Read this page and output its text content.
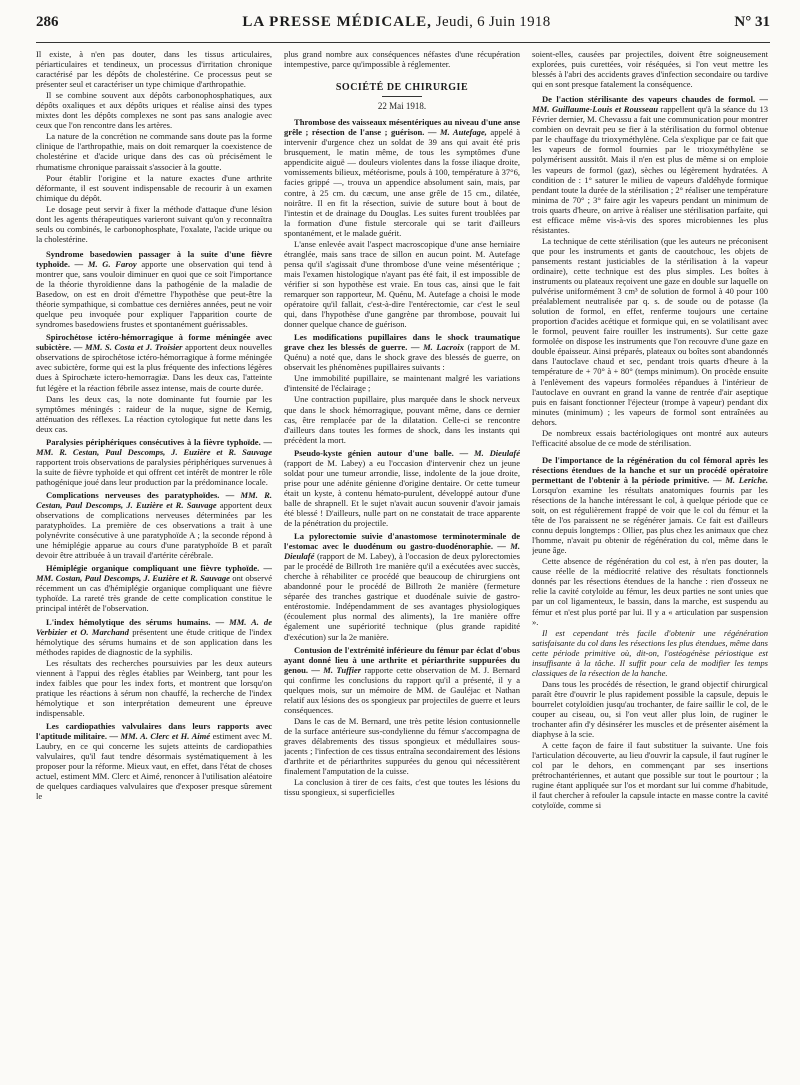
286	LA PRESSE MÉDICALE, Jeudi, 6 Juin 1918	N° 31

Il existe, à n'en pas douter, dans les tissus articulaires, périarticulaires et tendineux, un processus d'irritation chronique caractérisé par les dépôts de cholestérine. Ce processus peut se présenter seul et caractériser un type chimique d'arthropathie.

Il se combine souvent aux dépôts carbonophosphatiques, aux dépôts oxaliques et aux dépôts uriques et réalise ainsi des types mixtes dont les dépôts complexes ne sont pas sans analogie avec ceux que l'on rencontre dans les artères.

La nature de la concrétion ne commande sans doute pas la forme clinique de l'arthropathie, mais on doit remarquer la coexistence de cholestérine et d'acide urique dans des cas où précisément le rhumatisme chronique paraissait s'associer à la goutte.

Pour établir l'origine et la nature exactes d'une arthrite déformante, il est souvent indispensable de recourir à un examen chimique du dépôt.

Le dosage peut servir à fixer la méthode d'attaque d'une lésion dont les agents thérapeutiques varieront suivant qu'on y reconnaîtra seuls ou combinés, le carbonophosphate, l'oxalate, l'acide urique ou la cholestérine.

Syndrome basedowien passager à la suite d'une fièvre typhoïde. — M. G. Faroy apporte une observation qui tend à montrer que, sans vouloir diminuer en quoi que ce soit l'importance de la théorie thyroïdienne dans la pathogénie de la maladie de Basedow, on est en droit d'émettre l'hypothèse que peut-être la théorie sympathique, si combattue ces dernières années, peut ne voir quelque peu invoquée pour expliquer l'apparition courte de syndromes basedowiens frustes et spontanément guérissables.

Spirochétose ictéro-hémorragique à forme méningée avec subictère. — MM. S. Costa et J. Troisier apportent deux nouvelles observations de spirochétose ictéro-hémorragique à forme méningée avec subictère, forme qui est la plus fréquente des infections légères dues à Spirochæte ictero-hemorragiæ. Dans les deux cas, l'atteinte fut légère et la réaction fébrile assez intense, mais de courte durée.

Dans les deux cas, la note dominante fut fournie par les symptômes méningés : raideur de la nuque, signe de Kernig, atténuation des réflexes. La réaction cytologique fut nette dans les deux cas.

Paralysies périphériques consécutives à la fièvre typhoïde. — MM. R. Cestan, Paul Descomps, J. Euzière et R. Sauvage rapportent trois observations de paralysies périphériques survenues à la suite de fièvre typhoïde et qui offrent cet intérêt de montrer le rôle pathogénique joué dans leur production par la prédominance locale.

Complications nerveuses des paratyphoïdes. — MM. R. Cestan, Paul Descomps, J. Euzière et R. Sauvage apportent deux observations de complications nerveuses déterminées par les paratyphoïdes. La première de ces observations a trait à une polynévrite consécutive à une paratyphoïde A ; la seconde répond à une hémiplégie apparue au cours d'une paratyphoïde B et paraît devoir être attribuée à un travail d'artérite cérébrale.

Hémiplégie organique compliquant une fièvre typhoïde. — MM. Costan, Paul Descomps, J. Euzière et R. Sauvage ont observé récemment un cas d'hémiplégie organique compliquant une fièvre typhoïde. La rareté très grande de cette complication constitue le principal intérêt de l'observation.

L'index hémolytique des sérums humains. — MM. A. de Verbizier et O. Marchand présentent une étude critique de l'index hémolytique des sérums humains et de son application dans les méthodes rapides de diagnostic de la syphilis.

Les résultats des recherches poursuivies par les deux auteurs viennent à l'appui des règles établies par Weinberg, tant pour les index faibles que pour les index forts, et montrent que lorsqu'on pratique les réactions à sérum non chauffé, la recherche de l'index hémolytique et son interprétation demeurent une épreuve indispensable.

Les cardiopathies valvulaires dans leurs rapports avec l'aptitude militaire. — MM. A. Clerc et H. Aimé estiment avec M. Laubry, en ce qui concerne les sujets atteints de cardiopathies valvulaires, qu'il faut tendre désormais systématiquement à les proposer pour la réforme. Mieux vaut, en effet, dans l'état de choses actuel, estiment MM. Clerc et Aimé, renoncer à l'utilisation aléatoire de quelques cardiaques valvulaires que d'exposer presque sûrement le

plus grand nombre aux conséquences néfastes d'une récupération intempestive, parce qu'impossible à réglementer.

SOCIÉTÉ DE CHIRURGIE
22 Mai 1918.

Thrombose des vaisseaux mésentériques au niveau d'une anse grêle ; résection de l'anse ; guérison. — M. Autefage, appelé à intervenir d'urgence chez un soldat de 39 ans qui avait été pris brusquement, le matin même, de tous les symptômes d'une appendicite aiguë — douleurs violentes dans la fosse iliaque droite, vomissements bilieux, météorisme, pouls à 100, température à 37°6, facies grippé —, trouva un appendice absolument sain, mais, par contre, à 25 cm. du cæcum, une anse grêle de 15 cm., dilatée, noirâtre. Il en fit la résection, suivie de suture bout à bout de l'intestin et de drainage du Douglas. Les suites furent troublées par la formation d'une fistule stercorale qui se tarit d'ailleurs spontanément, et le malade guérit.

L'anse enlevée avait l'aspect macroscopique d'une anse herniaire étranglée, mais sans trace de sillon en aucun point. M. Autefage pensa qu'il s'agissait d'une thrombose d'une veine mésentérique ; mais l'examen histologique n'ayant pas été fait, il est impossible de vérifier si son hypothèse est vraie. En tous cas, ainsi que le fait remarquer son rapporteur, M. Quénu, M. Autefage a choisi le mode opératoire qu'il fallait, c'est-à-dire l'entérectomie, car c'est le seul qui, dans l'hypothèse d'une gangrène par thrombose, pouvait lui donner quelque chance de guérison.

Les modifications pupillaires dans le shock traumatique grave chez les blessés de guerre. — M. Lacroix (rapport de M. Quénu) a noté que, dans le shock grave des blessés de guerre, on observait les phénomènes pupillaires suivants :

Une immobilité pupillaire, se maintenant malgré les variations d'intensité de l'éclairage ;

Une contraction pupillaire, plus marquée dans le shock nerveux que dans le shock hémorragique, pouvant même, dans ce dernier cas, être remplacée par de la dilatation. Celle-ci se rencontre d'ailleurs dans toutes les formes de shock, dans les instants qui précèdent la mort.

Pseudo-kyste génien autour d'une balle. — M. Dieulafé (rapport de M. Labey) a eu l'occasion d'intervenir chez un jeune soldat pour une tumeur arrondie, lisse, indolente de la joue droite, prise pour une adénite génienne d'origine dentaire. Or cette tumeur était un kyste, à contenu hémato-purulent, développé autour d'une balle de shrapnell. Et le sujet n'avait aucun souvenir d'avoir jamais été blessé ! D'ailleurs, nulle part on ne constatait de trace apparente de la pénétration du projectile.

La pylorectomie suivie d'anastomose terminoterminale de l'estomac avec le duodénum ou gastro-duodénoraphie. — M. Dieulafé (rapport de M. Labey), à l'occasion de deux pylorectomies par le procédé de Billroth 1re manière qu'il a exécutées avec succès, cherche à réhabiliter ce procédé que beaucoup de chirurgiens ont abandonné pour le procédé de Billroth 2e manière (fermeture séparée des tranches gastrique et duodénale suivie de gastro-entérostomie. Indépendamment de ses avantages physiologiques (écoulement plus normal des aliments), la 1re manière offre également une supériorité technique (plus grande rapidité d'exécution) sur la 2e manière.

Contusion de l'extrémité inférieure du fémur par éclat d'obus ayant donné lieu à une arthrite et périarthrite suppurées du genou. — M. Tuffier rapporte cette observation de M. J. Bernard qui confirme les conclusions du rapport qu'il a présenté, il y a quelques mois, sur un mémoire de MM. de Gauléjac et Nathan relatif aux lésions des os spongieux par projectiles de guerre et leurs conséquences.

Dans le cas de M. Bernard, une très petite lésion contusionnelle de la surface antérieure sus-condylienne du fémur s'accompagna de graves délabrements des tissus spongieux et médullaires sous-jacents ; l'infection de ces tissus entraîna secondairement des lésions d'arthrite et de périarthrites suppurées du genou qui nécessitèrent finalement l'amputation de la cuisse.

La conclusion à tirer de ces faits, c'est que toutes les lésions du tissu spongieux, si superficielles

soient-elles, causées par projectiles, doivent être soigneusement explorées, puis curettées, voir réséquées, si l'on veut mettre les blessés à l'abri des accidents graves d'infection secondaire ou tardive qui en sont presque fatalement la conséquence.

De l'action stérilisante des vapeurs chaudes de formol. — MM. Guillaume-Louis et Rousseau rappellent qu'à la séance du 13 Février dernier, M. Chevassu a fait une communication pour montrer combien on devrait peu se fier à la stérilisation du formol obtenue par le chauffage du trioxyméthylène. Cela s'explique par ce fait que les vapeurs de formol fournies par le trioxyméthylène se polymérisent aussitôt. Mais il n'en est plus de même si on emploie les vapeurs de formol (gaz), sèches ou légèrement hydratées. A condition de : 1° saturer le milieu de vapeurs d'aldéhyde formique pendant toute la durée de la stérilisation ; 2° réaliser une température minima de 70° ; 3° faire agir les vapeurs pendant un minimum de trois quarts d'heure, on arrive à réaliser une stérilisation parfaite, qui est efficace même vis-à-vis des spores microbiennes les plus résistantes.

La technique de cette stérilisation (que les auteurs ne préconisent que pour les instruments et gants de caoutchouc, les objets de pansements restant justiciables de la stérilisation à la vapeur ordinaire), cette technique est des plus simples. Les boîtes à instruments ou plateaux reçoivent une gaze en double sur laquelle on pulvérise uniformément 3 cm³ de solution de formol à 40 pour 100 préalablement neutralisée par q. s. de soude ou de potasse (la solution de formol, en effet, renferme toujours une certaine proportion d'acides acétique et formique qui, en se volatilisant avec le formol, peuvent faire rouiller les instruments). Sur cette gaze formolée on dispose les instruments que l'on recouvre d'une gaze en double épaisseur. Ainsi préparés, plateaux ou boîtes sont abandonnés dans l'autoclave chaud et sec, pendant trois quarts d'heure à la température de + 70° à + 80° (temps minimum). On procède ensuite à l'enlèvement des vapeurs formolées répandues à l'intérieur de l'autoclave en ouvrant en grand la vanne de rentrée d'air aseptique puis en faisant fonctionner l'éjecteur (trompe à vapeur) pendant dix minutes (minimum) ; les vapeurs de formol sont entraînées au dehors.

De nombreux essais bactériologiques ont montré aux auteurs l'efficacité absolue de ce mode de stérilisation.

De l'importance de la régénération du col fémoral après les résections étendues de la hanche et sur un procédé opératoire permettant de l'obtenir à la période primitive. — M. Leriche. Lorsqu'on examine les résultats anatomiques fournis par les résections de la hanche intéressant le col, à quelque période que ce soit, on est régulièrement frappé de voir que le col du fémur et la tête de l'os paraissent ne se régénérer jamais. Ce fait est d'ailleurs connu depuis longtemps : Ollier, pas plus chez les animaux que chez l'homme, n'avait pu obtenir de régénération du col, même dans le jeune âge.

Cette absence de régénération du col est, à n'en pas douter, la cause réelle de la médiocrité relative des résultats fonctionnels donnés par les résections étendues de la hanche : rien d'osseux ne relie la cavité cotyloïde au fémur, les deux parties ne sont unies que par un col ligamenteux, le bassin, dans la marche, est suspendu au fémur et n'est plus porté par lui. Il y a « articulation par suspension ».

Il est cependant très facile d'obtenir une régénération satisfaisante du col dans les résections les plus étendues, même dans cette période primitive où, dit-on, l'ostéogénèse périostique est insuffisante à la tâche. Il suffit pour cela de modifier les temps classiques de la résection de la hanche.

Dans tous les procédés de résection, le grand objectif chirurgical paraît être d'ouvrir le plus rapidement possible la capsule, depuis le bourrelet cotyloïdien jusqu'au trochanter, de faire saillir le col, de le couper au ciseau, ou, si l'on veut aller plus loin, de ruginer le trochanter afin d'y désinsérer les muscles et de présenter aisément la diaphyse à la scie.

A cette façon de faire il faut substituer la suivante. Une fois l'articulation découverte, au lieu d'ouvrir la capsule, il faut rugíner le col par le dehors, en commençant par ses insertions prétrochantériennes, et autant que possible sur tout le pourtour ; la rugine étant appliquée sur l'os et mordant sur lui comme d'habitude, il faut chercher à refouler la capsule intacte en masse contre la cavité cotyloïde, comme si
